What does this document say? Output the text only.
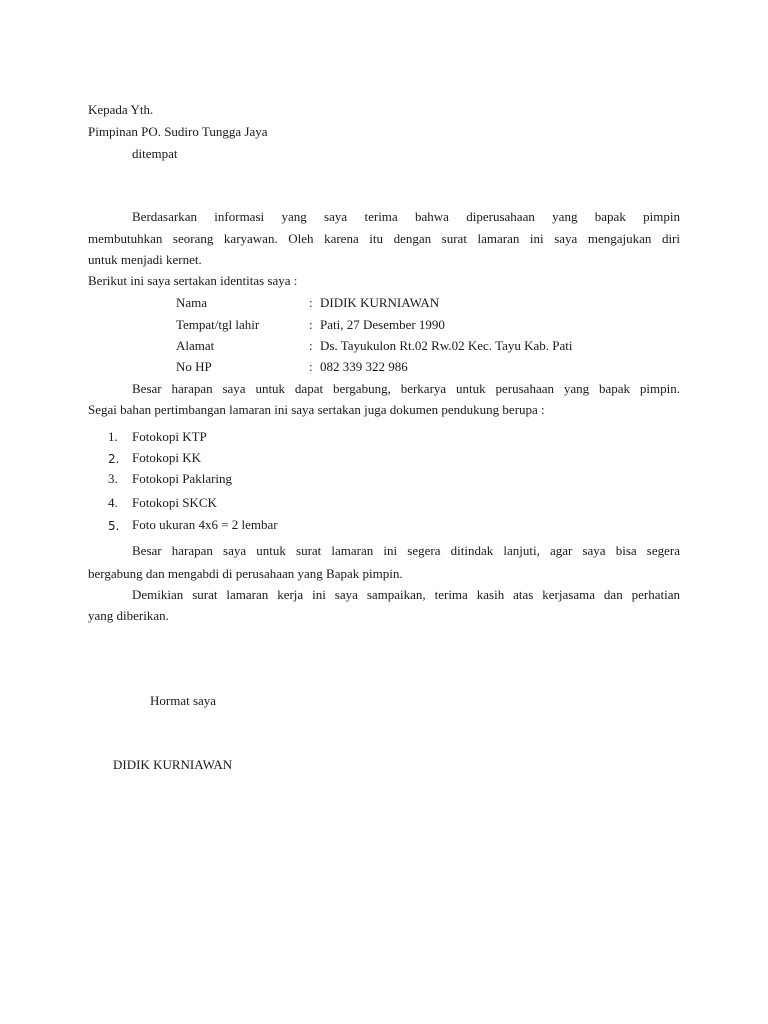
Kepada Yth.
Pimpinan PO. Sudiro Tungga Jaya
ditempat
Berdasarkan informasi yang saya terima bahwa diperusahaan yang bapak pimpin
membutuhkan seorang karyawan. Oleh karena itu dengan surat lamaran ini saya mengajukan diri
untuk menjadi kernet.
Berikut ini saya sertakan identitas saya :
Nama	: DIDIK KURNIAWAN
Tempat/tgl lahir	: Pati, 27 Desember 1990
Alamat	: Ds. Tayukulon Rt.02 Rw.02 Kec. Tayu Kab. Pati
No HP	: 082 339 322 986
Besar harapan saya untuk dapat bergabung, berkarya untuk perusahaan yang bapak pimpin.
Segai bahan pertimbangan lamaran ini saya sertakan juga dokumen pendukung berupa :
1. Fotokopi KTP
2. Fotokopi KK
3. Fotokopi Paklaring
4. Fotokopi SKCK
5. Foto ukuran 4x6 = 2 lembar
Besar harapan saya untuk surat lamaran ini segera ditindak lanjuti, agar saya bisa segera
bergabung dan mengabdi di perusahaan yang Bapak pimpin.
Demikian surat lamaran kerja ini saya sampaikan, terima kasih atas kerjasama dan perhatian
yang diberikan.
Hormat saya
DIDIK KURNIAWAN
